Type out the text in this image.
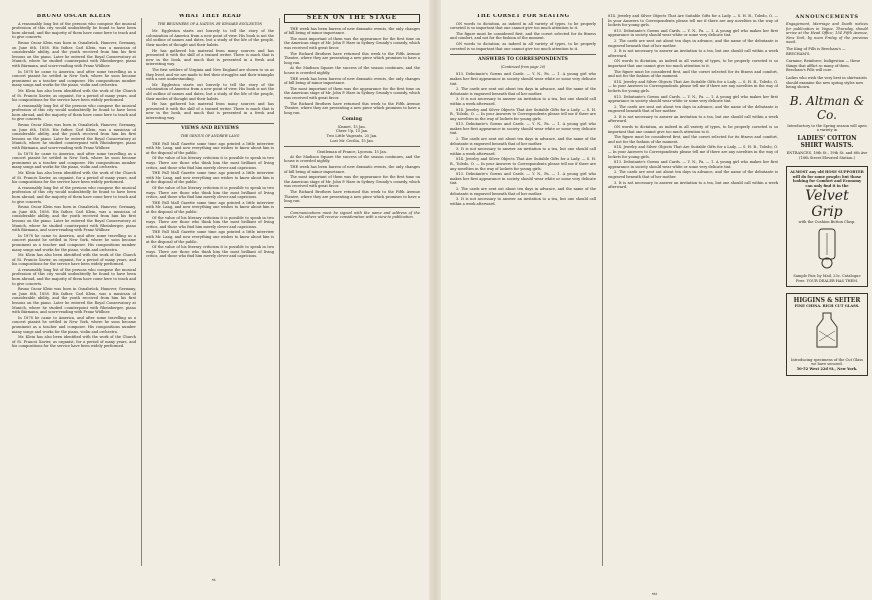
BRUNO OSCAR KLEIN

A reasonably long list of the persons who compose the musical profession of this city would undoubtedly be found to have been born abroad, and the majority of them have come here to teach and to give concerts.

Bruno Oscar Klein was born in Osnabrück, Hanover, Germany, on June 6th, 1858. His father, Carl Klein, was a musician of considerable ability, and the youth received from him his first lessons on the piano. Later he entered the Royal Conservatory at Munich, where he studied counterpoint with Rheinberger, piano with Bärmann, and score-reading with Franz Wüllner.

In 1878 he came to America, and after some travelling as a concert pianist he settled in New York, where he soon became prominent as a teacher and composer. His compositions number many songs and works for the piano, violin and orchestra.

Mr. Klein has also been identified with the work of the Church of St. Francis Xavier, as organist, for a period of many years, and his compositions for the service have been widely performed.

A reasonably long list of the persons who compose the musical profession of this city would undoubtedly be found to have been born abroad, and the majority of them have come here to teach and to give concerts.

Bruno Oscar Klein was born in Osnabrück, Hanover, Germany, on June 6th, 1858. His father, Carl Klein, was a musician of considerable ability, and the youth received from him his first lessons on the piano. Later he entered the Royal Conservatory at Munich, where he studied counterpoint with Rheinberger, piano with Bärmann, and score-reading with Franz Wüllner.

In 1878 he came to America, and after some travelling as a concert pianist he settled in New York, where he soon became prominent as a teacher and composer. His compositions number many songs and works for the piano, violin and orchestra.

Mr. Klein has also been identified with the work of the Church of St. Francis Xavier, as organist, for a period of many years, and his compositions for the service have been widely performed.

A reasonably long list of the persons who compose the musical profession of this city would undoubtedly be found to have been born abroad, and the majority of them have come here to teach and to give concerts.

Bruno Oscar Klein was born in Osnabrück, Hanover, Germany, on June 6th, 1858. His father, Carl Klein, was a musician of considerable ability, and the youth received from him his first lessons on the piano. Later he entered the Royal Conservatory at Munich, where he studied counterpoint with Rheinberger, piano with Bärmann, and score-reading with Franz Wüllner.

In 1878 he came to America, and after some travelling as a concert pianist he settled in New York, where he soon became prominent as a teacher and composer. His compositions number many songs and works for the piano, violin and orchestra.

Mr. Klein has also been identified with the work of the Church of St. Francis Xavier, as organist, for a period of many years, and his compositions for the service have been widely performed.

A reasonably long list of the persons who compose the musical profession of this city would undoubtedly be found to have been born abroad, and the majority of them have come here to teach and to give concerts.

Bruno Oscar Klein was born in Osnabrück, Hanover, Germany, on June 6th, 1858. His father, Carl Klein, was a musician of considerable ability, and the youth received from him his first lessons on the piano. Later he entered the Royal Conservatory at Munich, where he studied counterpoint with Rheinberger, piano with Bärmann, and score-reading with Franz Wüllner.

In 1878 he came to America, and after some travelling as a concert pianist he settled in New York, where he soon became prominent as a teacher and composer. His compositions number many songs and works for the piano, violin and orchestra.

Mr. Klein has also been identified with the work of the Church of St. Francis Xavier, as organist, for a period of many years, and his compositions for the service have been widely performed.

WHAT THEY READ
THE BEGINNERS OF A NATION. BY EDWARD EGGLESTON

Mr. Eggleston starts out bravely to tell the story of the colonization of America from a new point of view. His book is not the old outline of names and dates, but a study of the life of the people, their modes of thought and their habits.

He has gathered his material from many sources and has presented it with the skill of a trained writer. There is much that is new in the book, and much that is presented in a fresh and interesting way.

The first settlers of Virginia and New England are shown to us as they lived, and we are made to feel their struggles and their triumphs with a new understanding.

Mr. Eggleston starts out bravely to tell the story of the colonization of America from a new point of view. His book is not the old outline of names and dates, but a study of the life of the people, their modes of thought and their habits.

He has gathered his material from many sources and has presented it with the skill of a trained writer. There is much that is new in the book, and much that is presented in a fresh and interesting way.

VIEWS AND REVIEWS
THE GENIUS OF ANDREW LANG

THE Pall Mall Gazette some time ago printed a little interview with Mr. Lang, and now everything one wishes to know about him is at the disposal of the public.

Of the value of his literary criticism it is possible to speak in two ways. There are those who think him the most brilliant of living critics, and those who find him merely clever and capricious.

THE Pall Mall Gazette some time ago printed a little interview with Mr. Lang, and now everything one wishes to know about him is at the disposal of the public.

Of the value of his literary criticism it is possible to speak in two ways. There are those who think him the most brilliant of living critics, and those who find him merely clever and capricious.

THE Pall Mall Gazette some time ago printed a little interview with Mr. Lang, and now everything one wishes to know about him is at the disposal of the public.

Of the value of his literary criticism it is possible to speak in two ways. There are those who think him the most brilliant of living critics, and those who find him merely clever and capricious.

THE Pall Mall Gazette some time ago printed a little interview with Mr. Lang, and now everything one wishes to know about him is at the disposal of the public.

Of the value of his literary criticism it is possible to speak in two ways. There are those who think him the most brilliant of living critics, and those who find him merely clever and capricious.

SEEN ON THE STAGE

THE week has been barren of new dramatic events, the only changes of bill being of minor importance.

The most important of them was the appearance for the first time on the American stage of Mr. John P. Hare in Sydney Grundy's comedy, which was received with great favor.

The Richard Brothers have returned this week to the Fifth Avenue Theatre, where they are presenting a new piece which promises to have a long run.

At the Madison Square the success of the season continues, and the house is crowded nightly.

THE week has been barren of new dramatic events, the only changes of bill being of minor importance.

The most important of them was the appearance for the first time on the American stage of Mr. John P. Hare in Sydney Grundy's comedy, which was received with great favor.

The Richard Brothers have returned this week to the Fifth Avenue Theatre, where they are presenting a new piece which promises to have a long run.

Coming
Kismet, 15 Jan.
Cheer Up, 15 Jan.
Two Little Vagrants, 25 Jan.
Lost Mr. Cecilia, 15 Jan.
Gentleman of France, Lyceum, 15 Jan.

At the Madison Square the success of the season continues, and the house is crowded nightly.

THE week has been barren of new dramatic events, the only changes of bill being of minor importance.

The most important of them was the appearance for the first time on the American stage of Mr. John P. Hare in Sydney Grundy's comedy, which was received with great favor.

The Richard Brothers have returned this week to the Fifth Avenue Theatre, where they are presenting a new piece which promises to have a long run.

Communications must be signed with the name and address of the sender. No others will receive consideration with a view to publication.

vi
THE CORSET FOR SEATING

ON words to dictation, as indeed in all variety of types, to be properly corseted is so important that one cannot give too much attention to it.

The figure must be considered first, and the corset selected for its fitness and comfort, and not for the fashion of the moment.

ON words to dictation, as indeed in all variety of types, to be properly corseted is so important that one cannot give too much attention to it.

ANSWERS TO CORRESPONDENTS
(Continued from page 20)

813. Debutante's Gowns and Cards. — Y. N., Pa. — 1. A young girl who makes her first appearance in society should wear white or some very delicate tint.

2. The cards are sent out about ten days in advance, and the name of the debutante is engraved beneath that of her mother.

3. It is not necessary to answer an invitation to a tea, but one should call within a week afterward.

814. Jewelry and Silver Objects That Are Suitable Gifts for a Lady. — S. H. B., Toledo, O. — In your Answers to Correspondents please tell me if there are any novelties in the way of lockets for young girls.

813. Debutante's Gowns and Cards. — Y. N., Pa. — 1. A young girl who makes her first appearance in society should wear white or some very delicate tint.

2. The cards are sent out about ten days in advance, and the name of the debutante is engraved beneath that of her mother.

3. It is not necessary to answer an invitation to a tea, but one should call within a week afterward.

814. Jewelry and Silver Objects That Are Suitable Gifts for a Lady. — S. H. B., Toledo, O. — In your Answers to Correspondents please tell me if there are any novelties in the way of lockets for young girls.

813. Debutante's Gowns and Cards. — Y. N., Pa. — 1. A young girl who makes her first appearance in society should wear white or some very delicate tint.

2. The cards are sent out about ten days in advance, and the name of the debutante is engraved beneath that of her mother.

3. It is not necessary to answer an invitation to a tea, but one should call within a week afterward.

814. Jewelry and Silver Objects That Are Suitable Gifts for a Lady. — S. H. B., Toledo, O. — In your Answers to Correspondents please tell me if there are any novelties in the way of lockets for young girls.

813. Debutante's Gowns and Cards. — Y. N., Pa. — 1. A young girl who makes her first appearance in society should wear white or some very delicate tint.

2. The cards are sent out about ten days in advance, and the name of the debutante is engraved beneath that of her mother.

3. It is not necessary to answer an invitation to a tea, but one should call within a week afterward.

ON words to dictation, as indeed in all variety of types, to be properly corseted is so important that one cannot give too much attention to it.

The figure must be considered first, and the corset selected for its fitness and comfort, and not for the fashion of the moment.

814. Jewelry and Silver Objects That Are Suitable Gifts for a Lady. — S. H. B., Toledo, O. — In your Answers to Correspondents please tell me if there are any novelties in the way of lockets for young girls.

813. Debutante's Gowns and Cards. — Y. N., Pa. — 1. A young girl who makes her first appearance in society should wear white or some very delicate tint.

2. The cards are sent out about ten days in advance, and the name of the debutante is engraved beneath that of her mother.

3. It is not necessary to answer an invitation to a tea, but one should call within a week afterward.

ON words to dictation, as indeed in all variety of types, to be properly corseted is so important that one cannot give too much attention to it.

The figure must be considered first, and the corset selected for its fitness and comfort, and not for the fashion of the moment.

814. Jewelry and Silver Objects That Are Suitable Gifts for a Lady. — S. H. B., Toledo, O. — In your Answers to Correspondents please tell me if there are any novelties in the way of lockets for young girls.

813. Debutante's Gowns and Cards. — Y. N., Pa. — 1. A young girl who makes her first appearance in society should wear white or some very delicate tint.

2. The cards are sent out about ten days in advance, and the name of the debutante is engraved beneath that of her mother.

3. It is not necessary to answer an invitation to a tea, but one should call within a week afterward.

ANNOUNCEMENTS
Engagement, Marriage and Death notices for publication in Vogue, Thursday, should arrive at the Head Office, 154 Fifth Avenue, New York, by noon Friday of the previous week.
The King of Pills is Beecham's — BEECHAM'S.
Carmine, Reinforce, Indigestion — these things that afflict so many of them, Beecham's Pills will cure.
Ladies who wish the very best in shirtwaists should examine the new spring styles now being shown.
B. Altman & Co.
Introductory to the Spring season will open a variety in
LADIES' COTTON SHIRT WAISTS.
ENTRANCES, 18th St., 19th St. and 6th Ave (18th Street Elevated Station.)
ALMOST any old HOSE SUPPORTER will do for some people; but those looking for Comfort and Economy can only find it in the
Velvet Grip
with the Cushion Button Clasp.
Sample Pair, by Mail, 25c. Catalogue Free. YOUR DEALER HAS THEM.
HIGGINS & SEITER
FINE CHINA. RICH CUT GLASS.
Introducing specimens of the Cut Glass we have secured.
50-52 West 22d St., New York.
vii
